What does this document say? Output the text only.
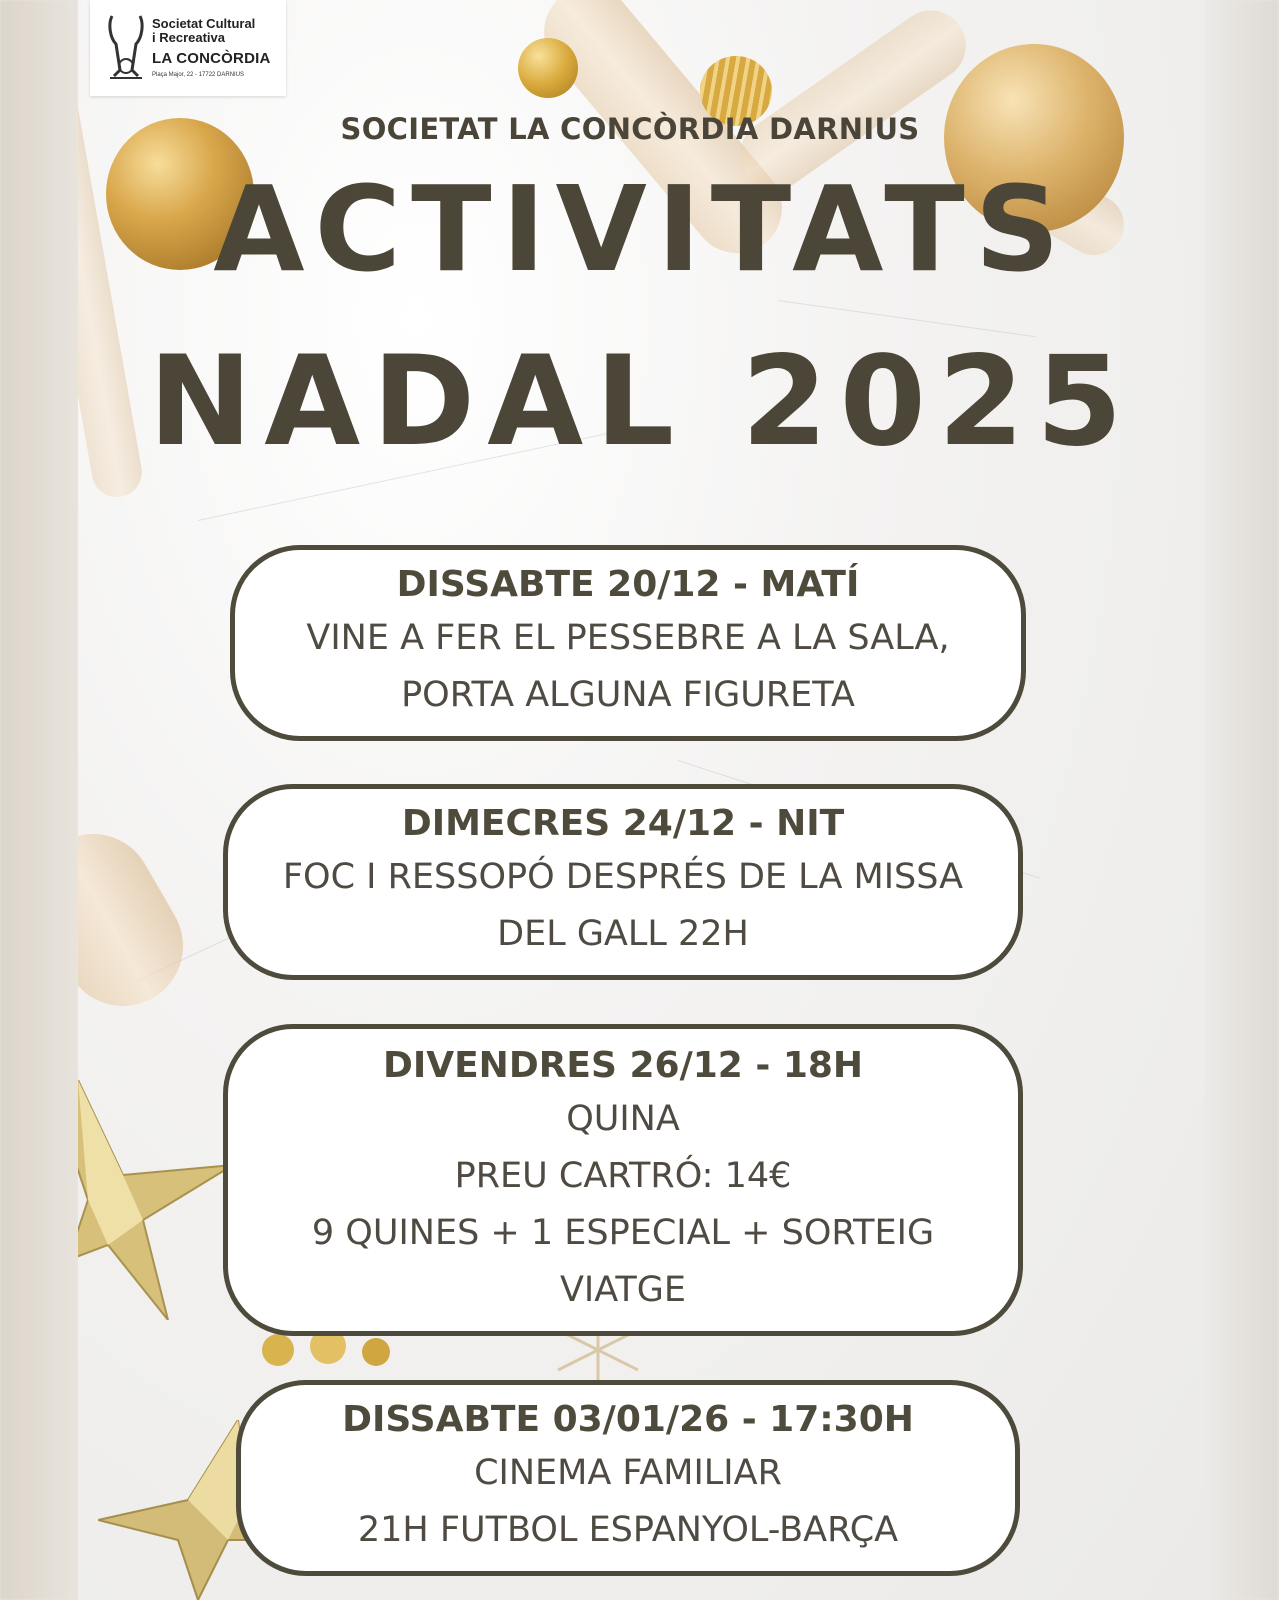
Societat Cultural
i Recreativa
LA CONCÒRDIA
Plaça Major, 22 - 17722 DARNIUS
SOCIETAT LA CONCÒRDIA DARNIUS
ACTIVITATS
NADAL 2025
DISSABTE 20/12 - MATÍ
VINE A FER EL PESSEBRE A LA SALA,
PORTA ALGUNA FIGURETA
DIMECRES 24/12 - NIT
FOC I RESSOPÓ DESPRÉS DE LA MISSA
DEL GALL 22H
DIVENDRES 26/12 - 18H
QUINA
PREU CARTRÓ: 14€
9 QUINES + 1 ESPECIAL + SORTEIG
VIATGE
DISSABTE 03/01/26 - 17:30H
CINEMA FAMILIAR
21H FUTBOL ESPANYOL-BARÇA
